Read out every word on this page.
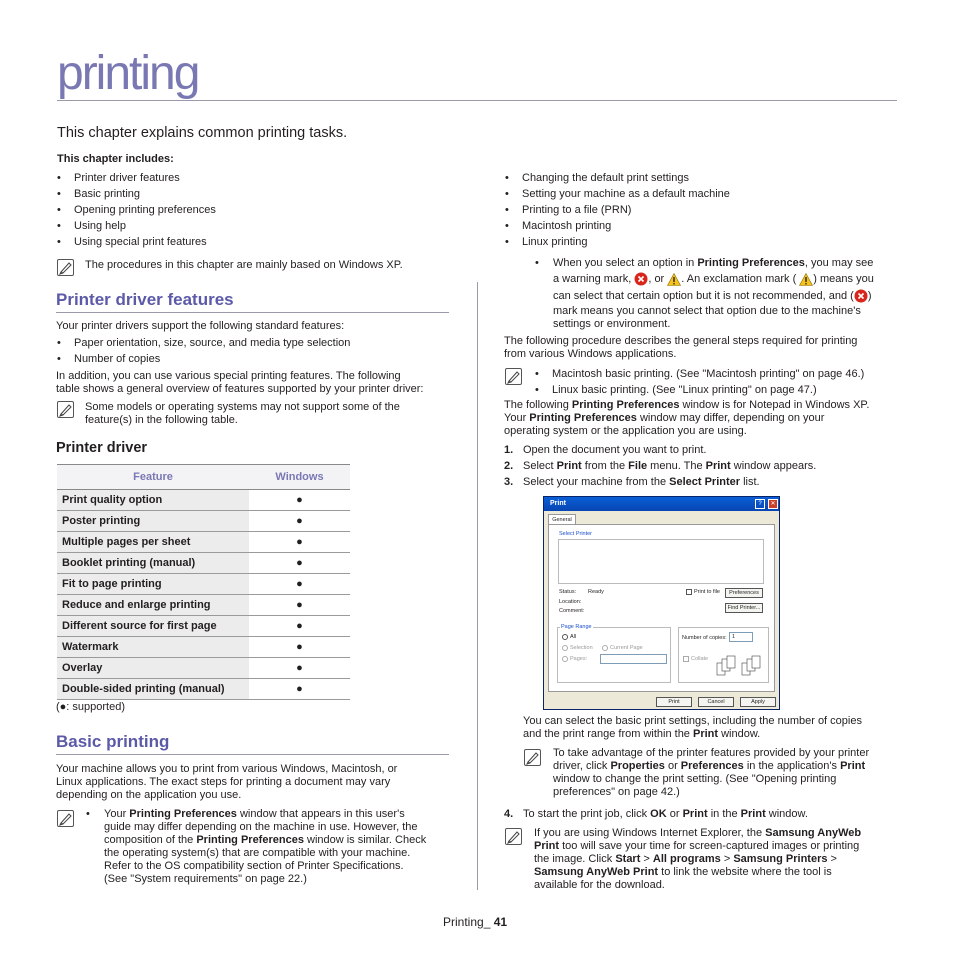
printing
This chapter explains common printing tasks.
This chapter includes:
• Printer driver features
• Basic printing
• Opening printing preferences
• Using help
• Using special print features
• Changing the default print settings
• Setting your machine as a default machine
• Printing to a file (PRN)
• Macintosh printing
• Linux printing
The procedures in this chapter are mainly based on Windows XP.
Printer driver features
Your printer drivers support the following standard features:
• Paper orientation, size, source, and media type selection
• Number of copies

In addition, you can use various special printing features. The following

table shows a general overview of features supported by your printer driver:

Some models or operating systems may not support some of the

feature(s) in the following table.

Printer driver
Feature	Windows
Print quality option	●
Poster printing	●
Multiple pages per sheet	●
Booklet printing (manual)	●
Fit to page printing	●
Reduce and enlarge printing	●
Different source for first page	●
Watermark	●
Overlay	●
Double-sided printing (manual)	●
(●: supported)
Basic printing

Your machine allows you to print from various Windows, Macintosh, or

Linux applications. The exact steps for printing a document may vary

depending on the application you use.

• Your Printing Preferences window that appears in this user's

guide may differ depending on the machine in use. However, the

composition of the Printing Preferences window is similar. Check

the operating system(s) that are compatible with your machine.

Refer to the OS compatibility section of Printer Specifications.

(See "System requirements" on page 22.)

• When you select an option in Printing Preferences, you may see

a warning mark, , or . An exclamation mark ( ) means you

can select that certain option but it is not recommended, and ( )

mark means you cannot select that option due to the machine's

settings or environment.

The following procedure describes the general steps required for printing

from various Windows applications.

• Macintosh basic printing. (See "Macintosh printing" on page 46.)
• Linux basic printing. (See "Linux printing" on page 47.)

The following Printing Preferences window is for Notepad in Windows XP.

Your Printing Preferences window may differ, depending on your

operating system or the application you are using.

1. Open the document you want to print.
2. Select Print from the File menu. The Print window appears.
3. Select your machine from the Select Printer list.
Print	?	✕
General
Select Printer
Status: Ready
Location:
Comment:
Print to file	Preferences
Find Printer...
Page Range
All
Selection	Current Page
Pages:
Number of copies: 1
Collate
Print	Cancel	Apply

You can select the basic print settings, including the number of copies

and the print range from within the Print window.

To take advantage of the printer features provided by your printer

driver, click Properties or Preferences in the application's Print

window to change the print setting. (See "Opening printing

preferences" on page 42.)

4. To start the print job, click OK or Print in the Print window.

If you are using Windows Internet Explorer, the Samsung AnyWeb

Print too will save your time for screen-captured images or printing

the image. Click Start > All programs > Samsung Printers >

Samsung AnyWeb Print to link the website where the tool is

available for the download.

Printing_ 41
